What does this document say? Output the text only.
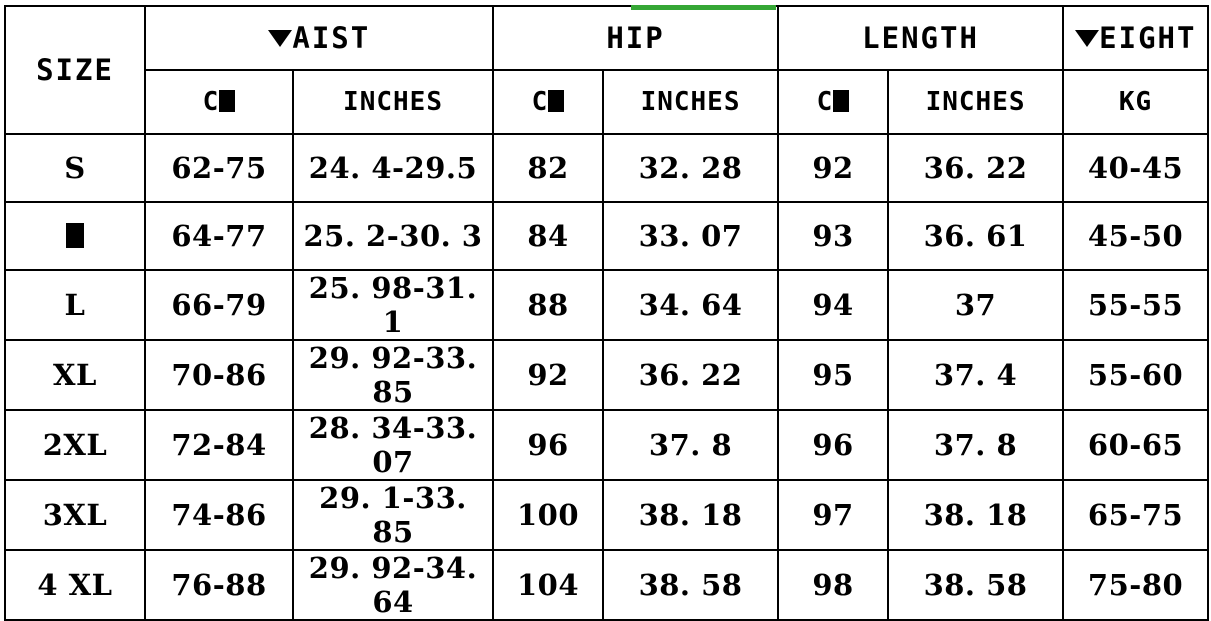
SIZE	AIST		HIP		LENGTH		EIGHT
	C	INCHES	C	INCHES	C	INCHES	KG
S	62-75	24. 4-29.5	82	32. 28	92	36. 22	40-45
	64-77	25. 2-30. 3	84	33. 07	93	36. 61	45-50
L	66-79	25. 98-31. 1	88	34. 64	94	37	55-55
XL	70-86	29. 92-33. 85	92	36. 22	95	37. 4	55-60
2XL	72-84	28. 34-33. 07	96	37. 8	96	37. 8	60-65
3XL	74-86	29. 1-33. 85	100	38. 18	97	38. 18	65-75
4 XL	76-88	29. 92-34. 64	104	38. 58	98	38. 58	75-80
